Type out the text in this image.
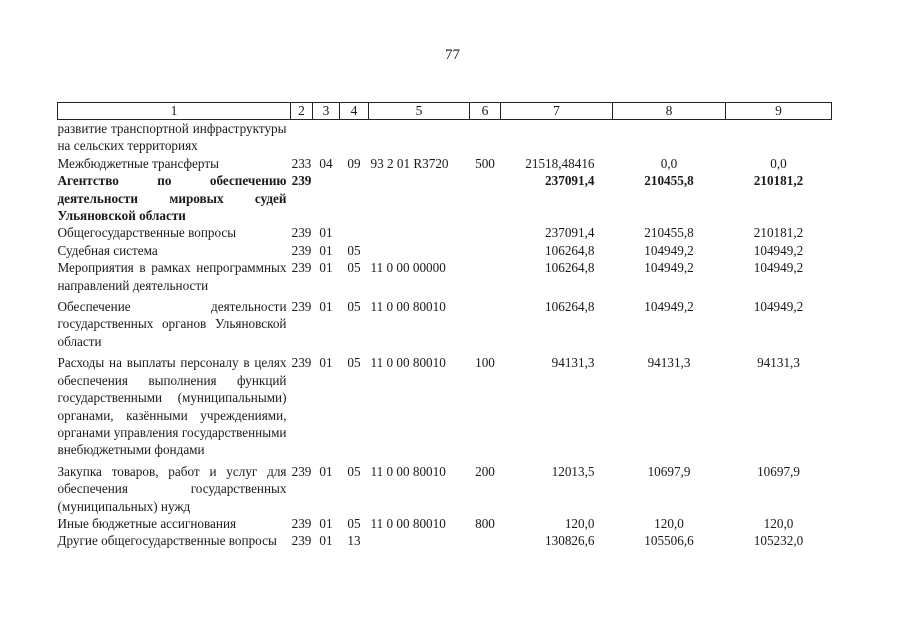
77
1	2	3	4	5	6	7	8	9
развитие транспортной инфраструктуры на сельских территориях								
Межбюджетные трансферты	233	04	09	93 2 01 R3720	500	21518,48416	0,0	0,0
Агентство по обеспечению деятельности мировых судей Ульяновской области	239					237091,4	210455,8	210181,2
Общегосударственные вопросы	239	01				237091,4	210455,8	210181,2
Судебная система	239	01	05			106264,8	104949,2	104949,2
Мероприятия в рамках непрограммных направлений деятельности	239	01	05	11 0 00 00000		106264,8	104949,2	104949,2
Обеспечение деятельности государственных органов Ульяновской области	239	01	05	11 0 00 80010		106264,8	104949,2	104949,2
Расходы на выплаты персоналу в целях обеспечения выполнения функций государственными (муниципальными) органами, казёнными учреждениями, органами управления государственными внебюджетными фондами	239	01	05	11 0 00 80010	100	94131,3	94131,3	94131,3
Закупка товаров, работ и услуг для обеспечения государственных (муниципальных) нужд	239	01	05	11 0 00 80010	200	12013,5	10697,9	10697,9
Иные бюджетные ассигнования	239	01	05	11 0 00 80010	800	120,0	120,0	120,0
Другие общегосударственные вопросы	239	01	13			130826,6	105506,6	105232,0
